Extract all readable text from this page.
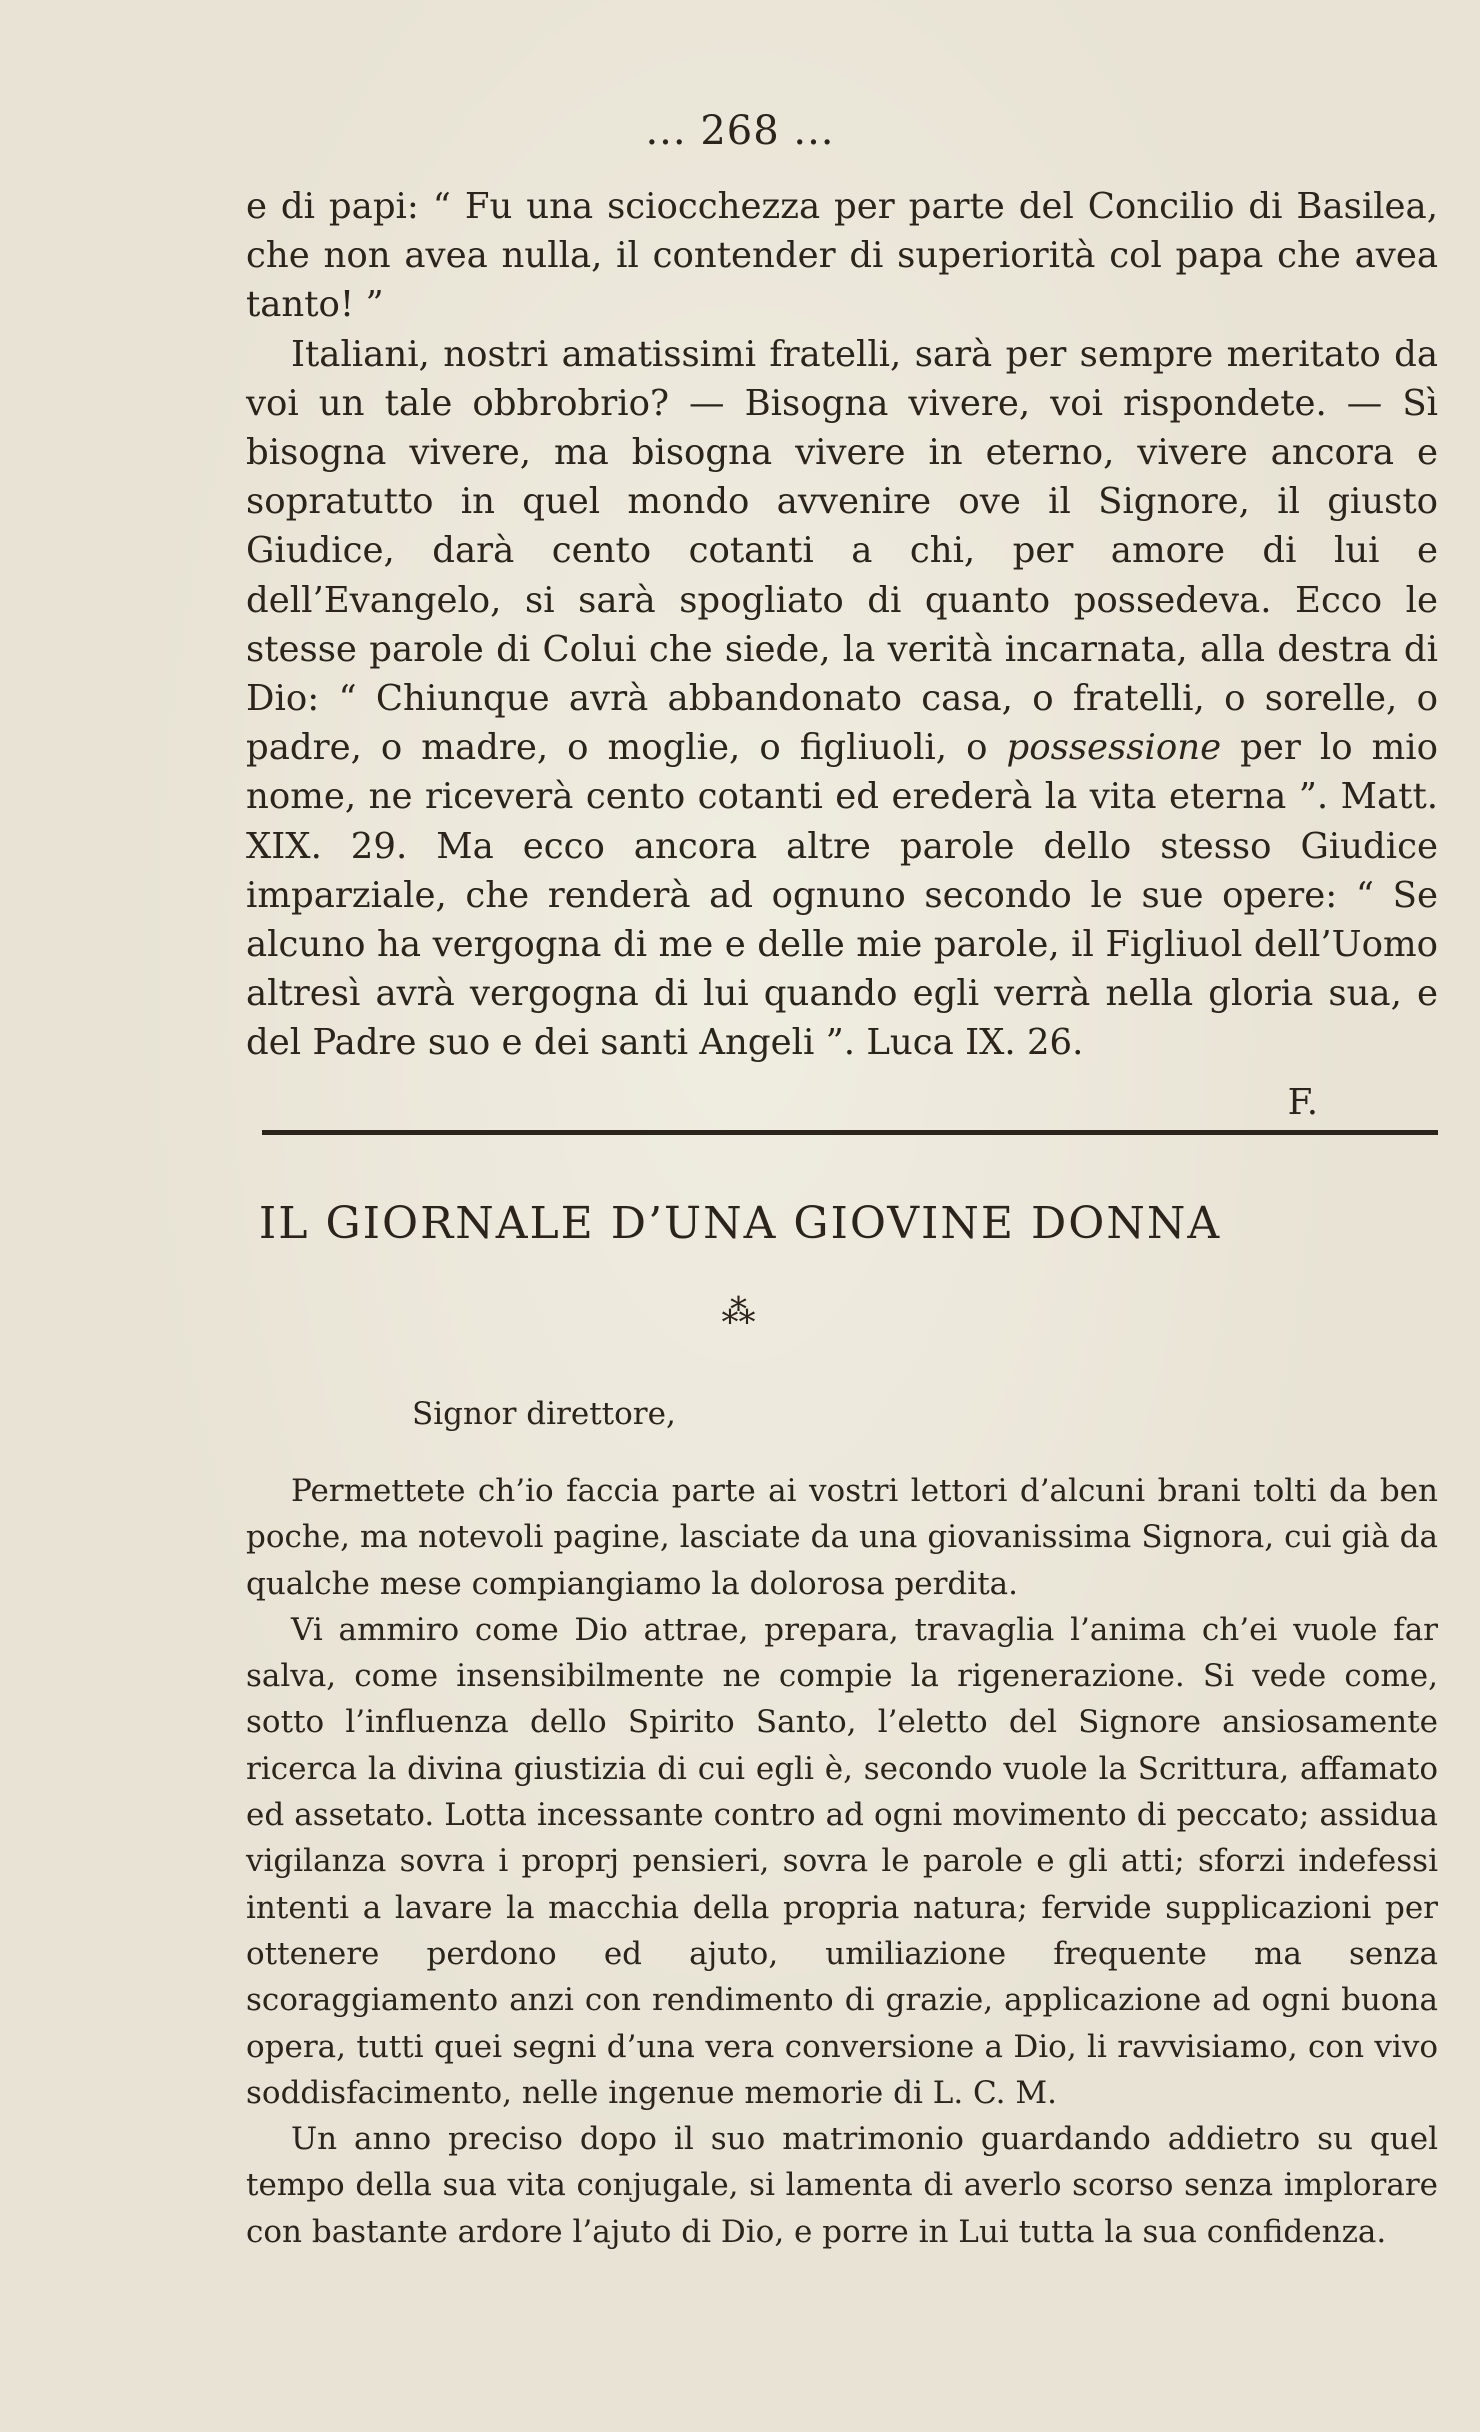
... 268 ...

e di papi: “ Fu una sciocchezza per parte del Concilio di Basilea, che non avea nulla, il contender di superiorità col papa che avea tanto! ”

Italiani, nostri amatissimi fratelli, sarà per sempre meritato da voi un tale obbrobrio? — Bisogna vivere, voi rispondete. — Sì bisogna vivere, ma bisogna vivere in eterno, vivere ancora e sopratutto in quel mondo avvenire ove il Signore, il giusto Giudice, darà cento cotanti a chi, per amore di lui e dell’Evangelo, si sarà spogliato di quanto possedeva. Ecco le stesse parole di Colui che siede, la verità incarnata, alla destra di Dio: “ Chiunque avrà abbandonato casa, o fratelli, o sorelle, o padre, o madre, o moglie, o figliuoli, o possessione per lo mio nome, ne riceverà cento cotanti ed erederà la vita eterna ”. Matt. XIX. 29. Ma ecco ancora altre parole dello stesso Giudice imparziale, che renderà ad ognuno secondo le sue opere: “ Se alcuno ha vergogna di me e delle mie parole, il Figliuol dell’Uomo altresì avrà vergogna di lui quando egli verrà nella gloria sua, e del Padre suo e dei santi Angeli ”. Luca IX. 26.

F.

IL GIORNALE D’UNA GIOVINE DONNA
⁂
Signor direttore,

Permettete ch’io faccia parte ai vostri lettori d’alcuni brani tolti da ben poche, ma notevoli pagine, lasciate da una giovanissima Signora, cui già da qualche mese compiangiamo la dolorosa perdita.

Vi ammiro come Dio attrae, prepara, travaglia l’anima ch’ei vuole far salva, come insensibilmente ne compie la rigenerazione. Si vede come, sotto l’influenza dello Spirito Santo, l’eletto del Signore ansiosamente ricerca la divina giustizia di cui egli è, secondo vuole la Scrittura, affamato ed assetato. Lotta incessante contro ad ogni movimento di peccato; assidua vigilanza sovra i proprj pensieri, sovra le parole e gli atti; sforzi indefessi intenti a lavare la macchia della propria natura; fervide supplicazioni per ottenere perdono ed ajuto, umiliazione frequente ma senza scoraggiamento anzi con rendimento di grazie, applicazione ad ogni buona opera, tutti quei segni d’una vera conversione a Dio, li ravvisiamo, con vivo soddisfacimento, nelle ingenue memorie di L. C. M.

Un anno preciso dopo il suo matrimonio guardando addietro su quel tempo della sua vita conjugale, si lamenta di averlo scorso senza implorare con bastante ardore l’ajuto di Dio, e porre in Lui tutta la sua confidenza.
